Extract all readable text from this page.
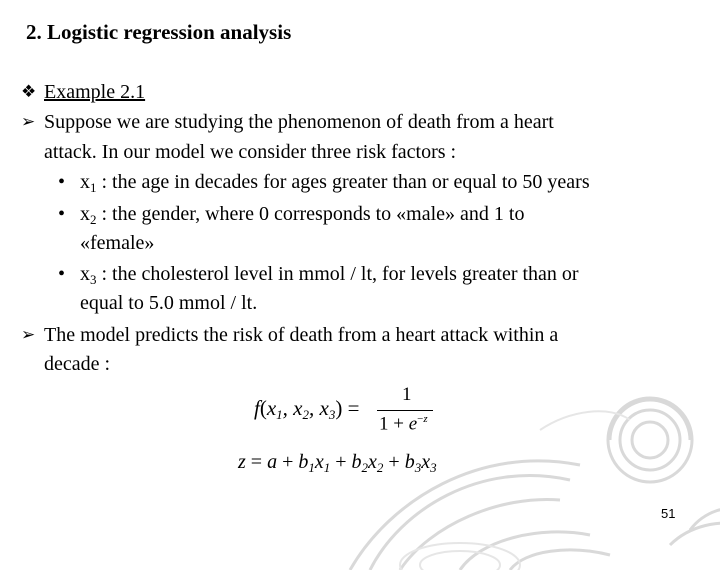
2. Logistic regression analysis
❖ Example 2.1
➢ Suppose we are studying the phenomenon of death from a heart
attack. In our model we consider three risk factors :
• $x_1$ : the age in decades for ages greater than or equal to 50 years
• $x_2$ : the gender, where 0 corresponds to «male» and 1 to
«female»
• $x_3$ : the cholesterol level in mmol / lt, for levels greater than or
equal to 5.0 mmol / lt.
➢ The model predicts the risk of death from a heart attack within a
decade :
$f(x_1$, $x_2$, $x_3$) =
1
$1 + e^{-z}$
$z = a + b_1x_1 + b_2x_2 + b_3x_3$
51
